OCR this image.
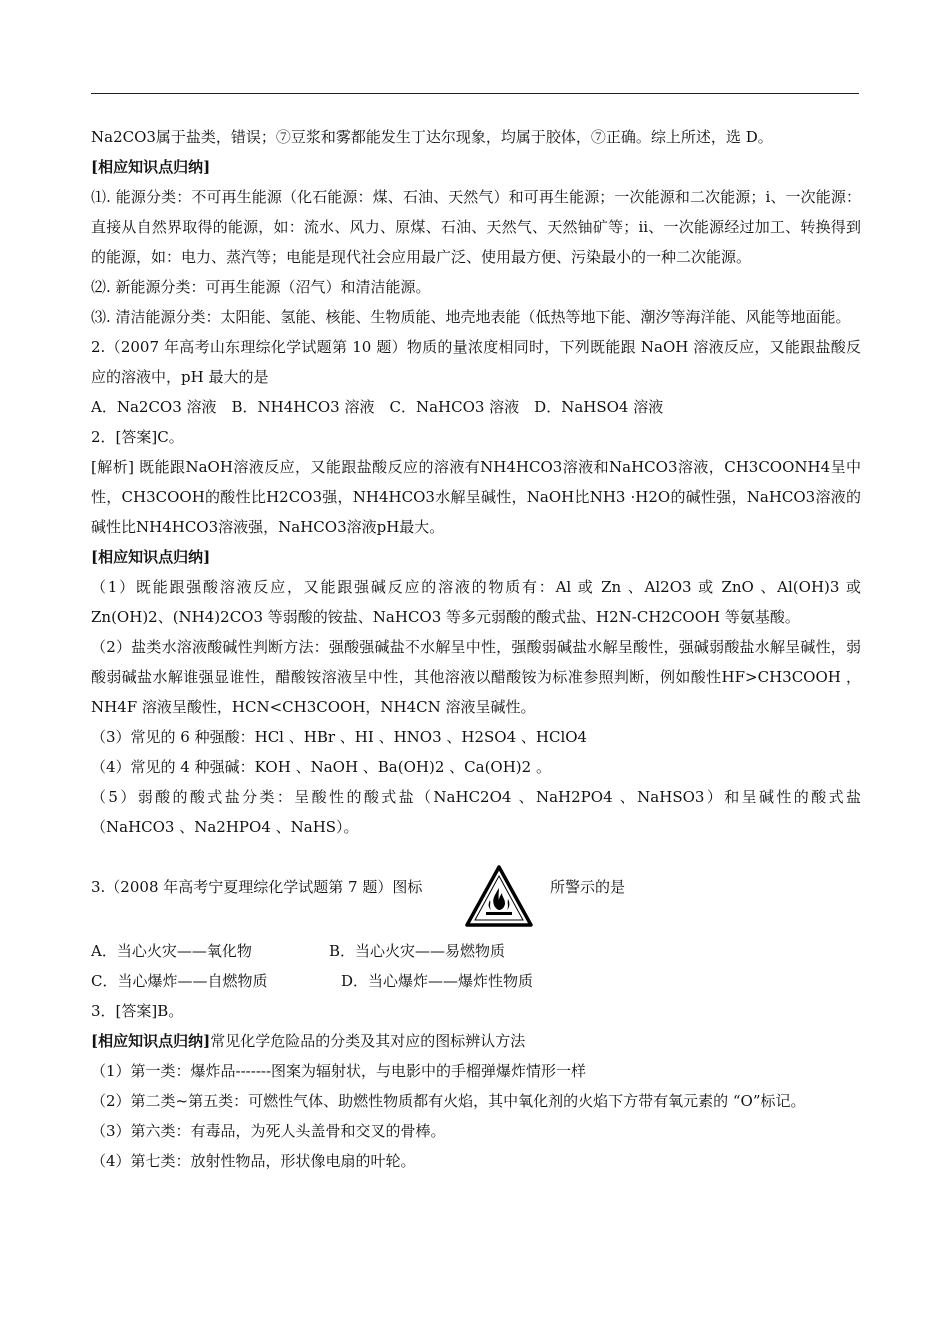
Na2CO3属于盐类，错误；⑦豆浆和雾都能发生丁达尔现象，均属于胶体，⑦正确。综上所述，选 D。
[相应知识点归纳]
⑴. 能源分类：不可再生能源（化石能源：煤、石油、天然气）和可再生能源；一次能源和二次能源；ⅰ、一次能源：直接从自然界取得的能源，如：流水、风力、原煤、石油、天然气、天然铀矿等；ⅱ、一次能源经过加工、转换得到的能源，如：电力、蒸汽等；电能是现代社会应用最广泛、使用最方便、污染最小的一种二次能源。
⑵. 新能源分类：可再生能源（沼气）和清洁能源。
⑶. 清洁能源分类：太阳能、氢能、核能、生物质能、地壳地表能（低热等地下能、潮汐等海洋能、风能等地面能。
2.（2007 年高考山东理综化学试题第 10 题）物质的量浓度相同时，下列既能跟 NaOH 溶液反应，又能跟盐酸反应的溶液中，pH 最大的是
A．Na2CO3 溶液　B．NH4HCO3 溶液　C．NaHCO3 溶液　D．NaHSO4 溶液
2．[答案]C。
[解析] 既能跟NaOH溶液反应，又能跟盐酸反应的溶液有NH4HCO3溶液和NaHCO3溶液，CH3COONH4呈中性，CH3COOH的酸性比H2CO3强，NH4HCO3水解呈碱性，NaOH比NH3 ·H2O的碱性强，NaHCO3溶液的碱性比NH4HCO3溶液强，NaHCO3溶液pH最大。
[相应知识点归纳]
（1）既能跟强酸溶液反应，又能跟强碱反应的溶液的物质有：Al 或 Zn 、Al2O3 或 ZnO 、Al(OH)3 或 Zn(OH)2、(NH4)2CO3 等弱酸的铵盐、NaHCO3 等多元弱酸的酸式盐、H2N-CH2COOH 等氨基酸。
（2）盐类水溶液酸碱性判断方法：强酸强碱盐不水解呈中性，强酸弱碱盐水解呈酸性，强碱弱酸盐水解呈碱性，弱酸弱碱盐水解谁强显谁性，醋酸铵溶液呈中性，其他溶液以醋酸铵为标准参照判断，例如酸性HF>CH3COOH ，NH4F 溶液呈酸性，HCN<CH3COOH，NH4CN 溶液呈碱性。
（3）常见的 6 种强酸：HCl 、HBr 、HI 、HNO3 、H2SO4 、HClO4
（4）常见的 4 种强碱：KOH 、NaOH 、Ba(OH)2 、Ca(OH)2 。
（5）弱酸的酸式盐分类：呈酸性的酸式盐（NaHC2O4 、NaH2PO4 、NaHSO3）和呈碱性的酸式盐（NaHCO3 、Na2HPO4 、NaHS）。
3.（2008 年高考宁夏理综化学试题第 7 题）图标	所警示的是
A．当心火灾——氧化物	B．当心火灾——易燃物质
C．当心爆炸——自燃物质	D．当心爆炸——爆炸性物质
3．[答案]B。
[相应知识点归纳]常见化学危险品的分类及其对应的图标辨认方法
（1）第一类：爆炸品-------图案为辐射状，与电影中的手榴弹爆炸情形一样
（2）第二类~第五类：可燃性气体、助燃性物质都有火焰，其中氧化剂的火焰下方带有氧元素的 “O”标记。
（3）第六类：有毒品，为死人头盖骨和交叉的骨棒。
（4）第七类：放射性物品，形状像电扇的叶轮。
